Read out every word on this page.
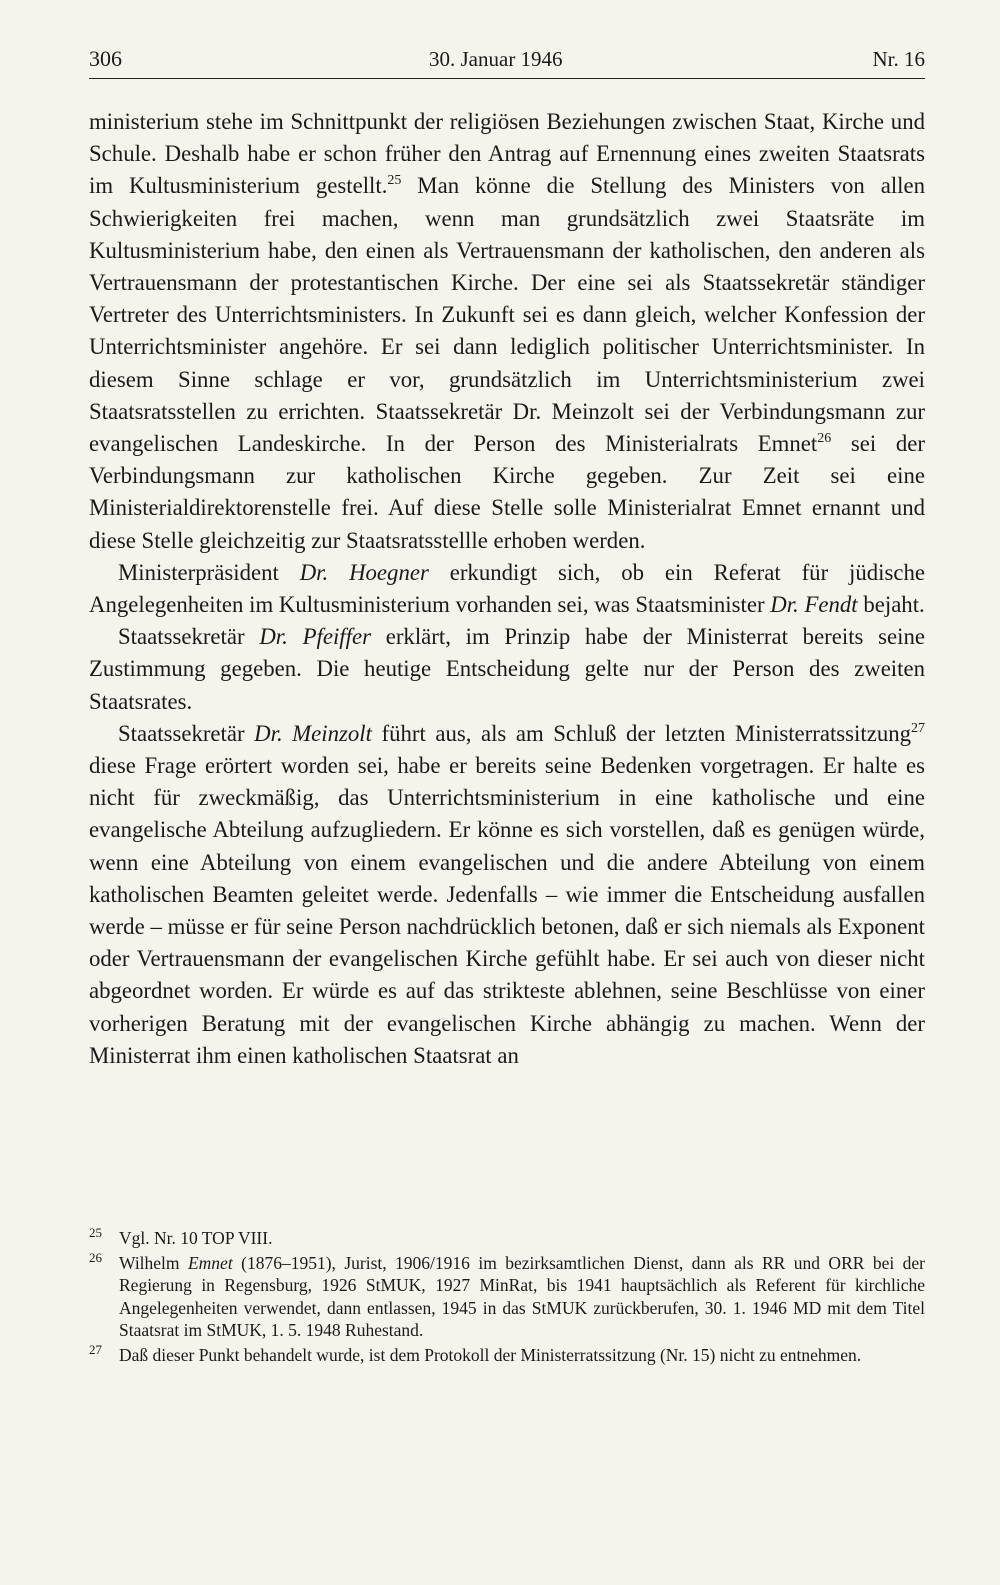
306	30. Januar 1946	Nr. 16

ministerium stehe im Schnittpunkt der religiösen Beziehungen zwischen Staat, Kirche und Schule. Deshalb habe er schon früher den Antrag auf Ernennung eines zweiten Staatsrats im Kultusministerium gestellt.$^{25}$ Man könne die Stellung des Ministers von allen Schwierigkeiten frei machen, wenn man grundsätzlich zwei Staatsräte im Kultusministerium habe, den einen als Vertrauensmann der katholischen, den anderen als Vertrauensmann der protestantischen Kirche. Der eine sei als Staatssekretär ständiger Vertreter des Unterrichtsministers. In Zukunft sei es dann gleich, welcher Konfession der Unterrichtsminister angehöre. Er sei dann lediglich politischer Unterrichtsminister. In diesem Sinne schlage er vor, grundsätzlich im Unterrichtsministerium zwei Staatsratsstellen zu errichten. Staatssekretär Dr. Meinzolt sei der Verbindungsmann zur evangelischen Landeskirche. In der Person des Ministerialrats Emnet$^{26}$ sei der Verbindungsmann zur katholischen Kirche gegeben. Zur Zeit sei eine Ministerialdirektorenstelle frei. Auf diese Stelle solle Ministerialrat Emnet ernannt und diese Stelle gleichzeitig zur Staatsratsstellle erhoben werden.

Ministerpräsident Dr. Hoegner erkundigt sich, ob ein Referat für jüdische Angelegenheiten im Kultusministerium vorhanden sei, was Staatsminister Dr. Fendt bejaht.

Staatssekretär Dr. Pfeiffer erklärt, im Prinzip habe der Ministerrat bereits seine Zustimmung gegeben. Die heutige Entscheidung gelte nur der Person des zweiten Staatsrates.

Staatssekretär Dr. Meinzolt führt aus, als am Schluß der letzten Ministerratssitzung$^{27}$ diese Frage erörtert worden sei, habe er bereits seine Bedenken vorgetragen. Er halte es nicht für zweckmäßig, das Unterrichtsministerium in eine katholische und eine evangelische Abteilung aufzugliedern. Er könne es sich vorstellen, daß es genügen würde, wenn eine Abteilung von einem evangelischen und die andere Abteilung von einem katholischen Beamten geleitet werde. Jedenfalls – wie immer die Entscheidung ausfallen werde – müsse er für seine Person nachdrücklich betonen, daß er sich niemals als Exponent oder Vertrauensmann der evangelischen Kirche gefühlt habe. Er sei auch von dieser nicht abgeordnet worden. Er würde es auf das strikteste ablehnen, seine Beschlüsse von einer vorherigen Beratung mit der evangelischen Kirche abhängig zu machen. Wenn der Ministerrat ihm einen katholischen Staatsrat an

25 Vgl. Nr. 10 TOP VIII.
26 Wilhelm Emnet (1876–1951), Jurist, 1906/1916 im bezirksamtlichen Dienst, dann als RR und ORR bei der Regierung in Regensburg, 1926 StMUK, 1927 MinRat, bis 1941 hauptsächlich als Referent für kirchliche Angelegenheiten verwendet, dann entlassen, 1945 in das StMUK zurückberufen, 30. 1. 1946 MD mit dem Titel Staatsrat im StMUK, 1. 5. 1948 Ruhestand.
27 Daß dieser Punkt behandelt wurde, ist dem Protokoll der Ministerratssitzung (Nr. 15) nicht zu entnehmen.
